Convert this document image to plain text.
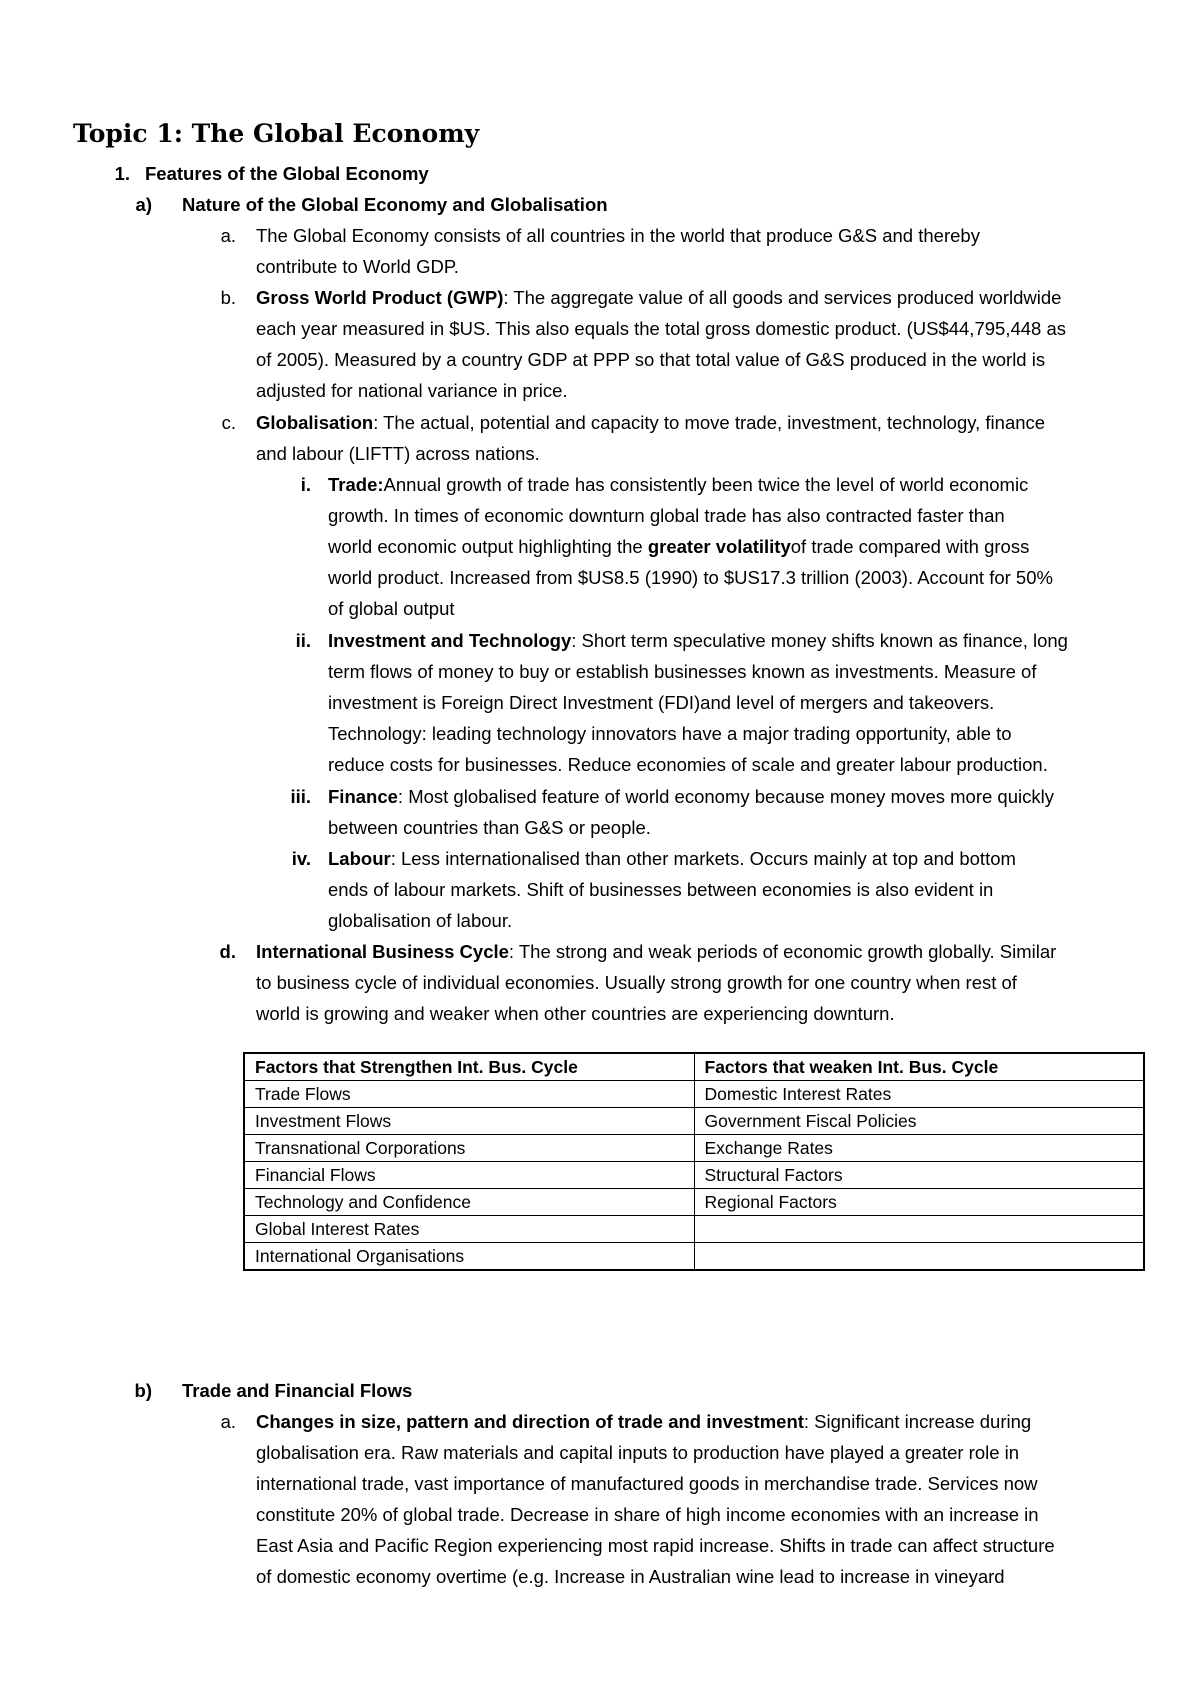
Topic 1: The Global Economy
1. Features of the Global Economy
a) Nature of the Global Economy and Globalisation
a. The Global Economy consists of all countries in the world that produce G&S and thereby
contribute to World GDP.
b. Gross World Product (GWP): The aggregate value of all goods and services produced worldwide
each year measured in $US. This also equals the total gross domestic product. (US$44,795,448 as
of 2005). Measured by a country GDP at PPP so that total value of G&S produced in the world is
adjusted for national variance in price.
c. Globalisation: The actual, potential and capacity to move trade, investment, technology, finance
and labour (LIFTT) across nations.
i. Trade:Annual growth of trade has consistently been twice the level of world economic
growth. In times of economic downturn global trade has also contracted faster than
world economic output highlighting the greater volatilityof trade compared with gross
world product. Increased from $US8.5 (1990) to $US17.3 trillion (2003). Account for 50%
of global output
ii. Investment and Technology: Short term speculative money shifts known as finance, long
term flows of money to buy or establish businesses known as investments. Measure of
investment is Foreign Direct Investment (FDI)and level of mergers and takeovers.
Technology: leading technology innovators have a major trading opportunity, able to
reduce costs for businesses. Reduce economies of scale and greater labour production.
iii. Finance: Most globalised feature of world economy because money moves more quickly
between countries than G&S or people.
iv. Labour: Less internationalised than other markets. Occurs mainly at top and bottom
ends of labour markets. Shift of businesses between economies is also evident in
globalisation of labour.
d. International Business Cycle: The strong and weak periods of economic growth globally. Similar
to business cycle of individual economies. Usually strong growth for one country when rest of
world is growing and weaker when other countries are experiencing downturn.
Factors that Strengthen Int. Bus. Cycle	Factors that weaken Int. Bus. Cycle
Trade Flows	Domestic Interest Rates
Investment Flows	Government Fiscal Policies
Transnational Corporations	Exchange Rates
Financial Flows	Structural Factors
Technology and Confidence	Regional Factors
Global Interest Rates	
International Organisations	
b) Trade and Financial Flows
a. Changes in size, pattern and direction of trade and investment: Significant increase during
globalisation era. Raw materials and capital inputs to production have played a greater role in
international trade, vast importance of manufactured goods in merchandise trade. Services now
constitute 20% of global trade. Decrease in share of high income economies with an increase in
East Asia and Pacific Region experiencing most rapid increase. Shifts in trade can affect structure
of domestic economy overtime (e.g. Increase in Australian wine lead to increase in vineyard
